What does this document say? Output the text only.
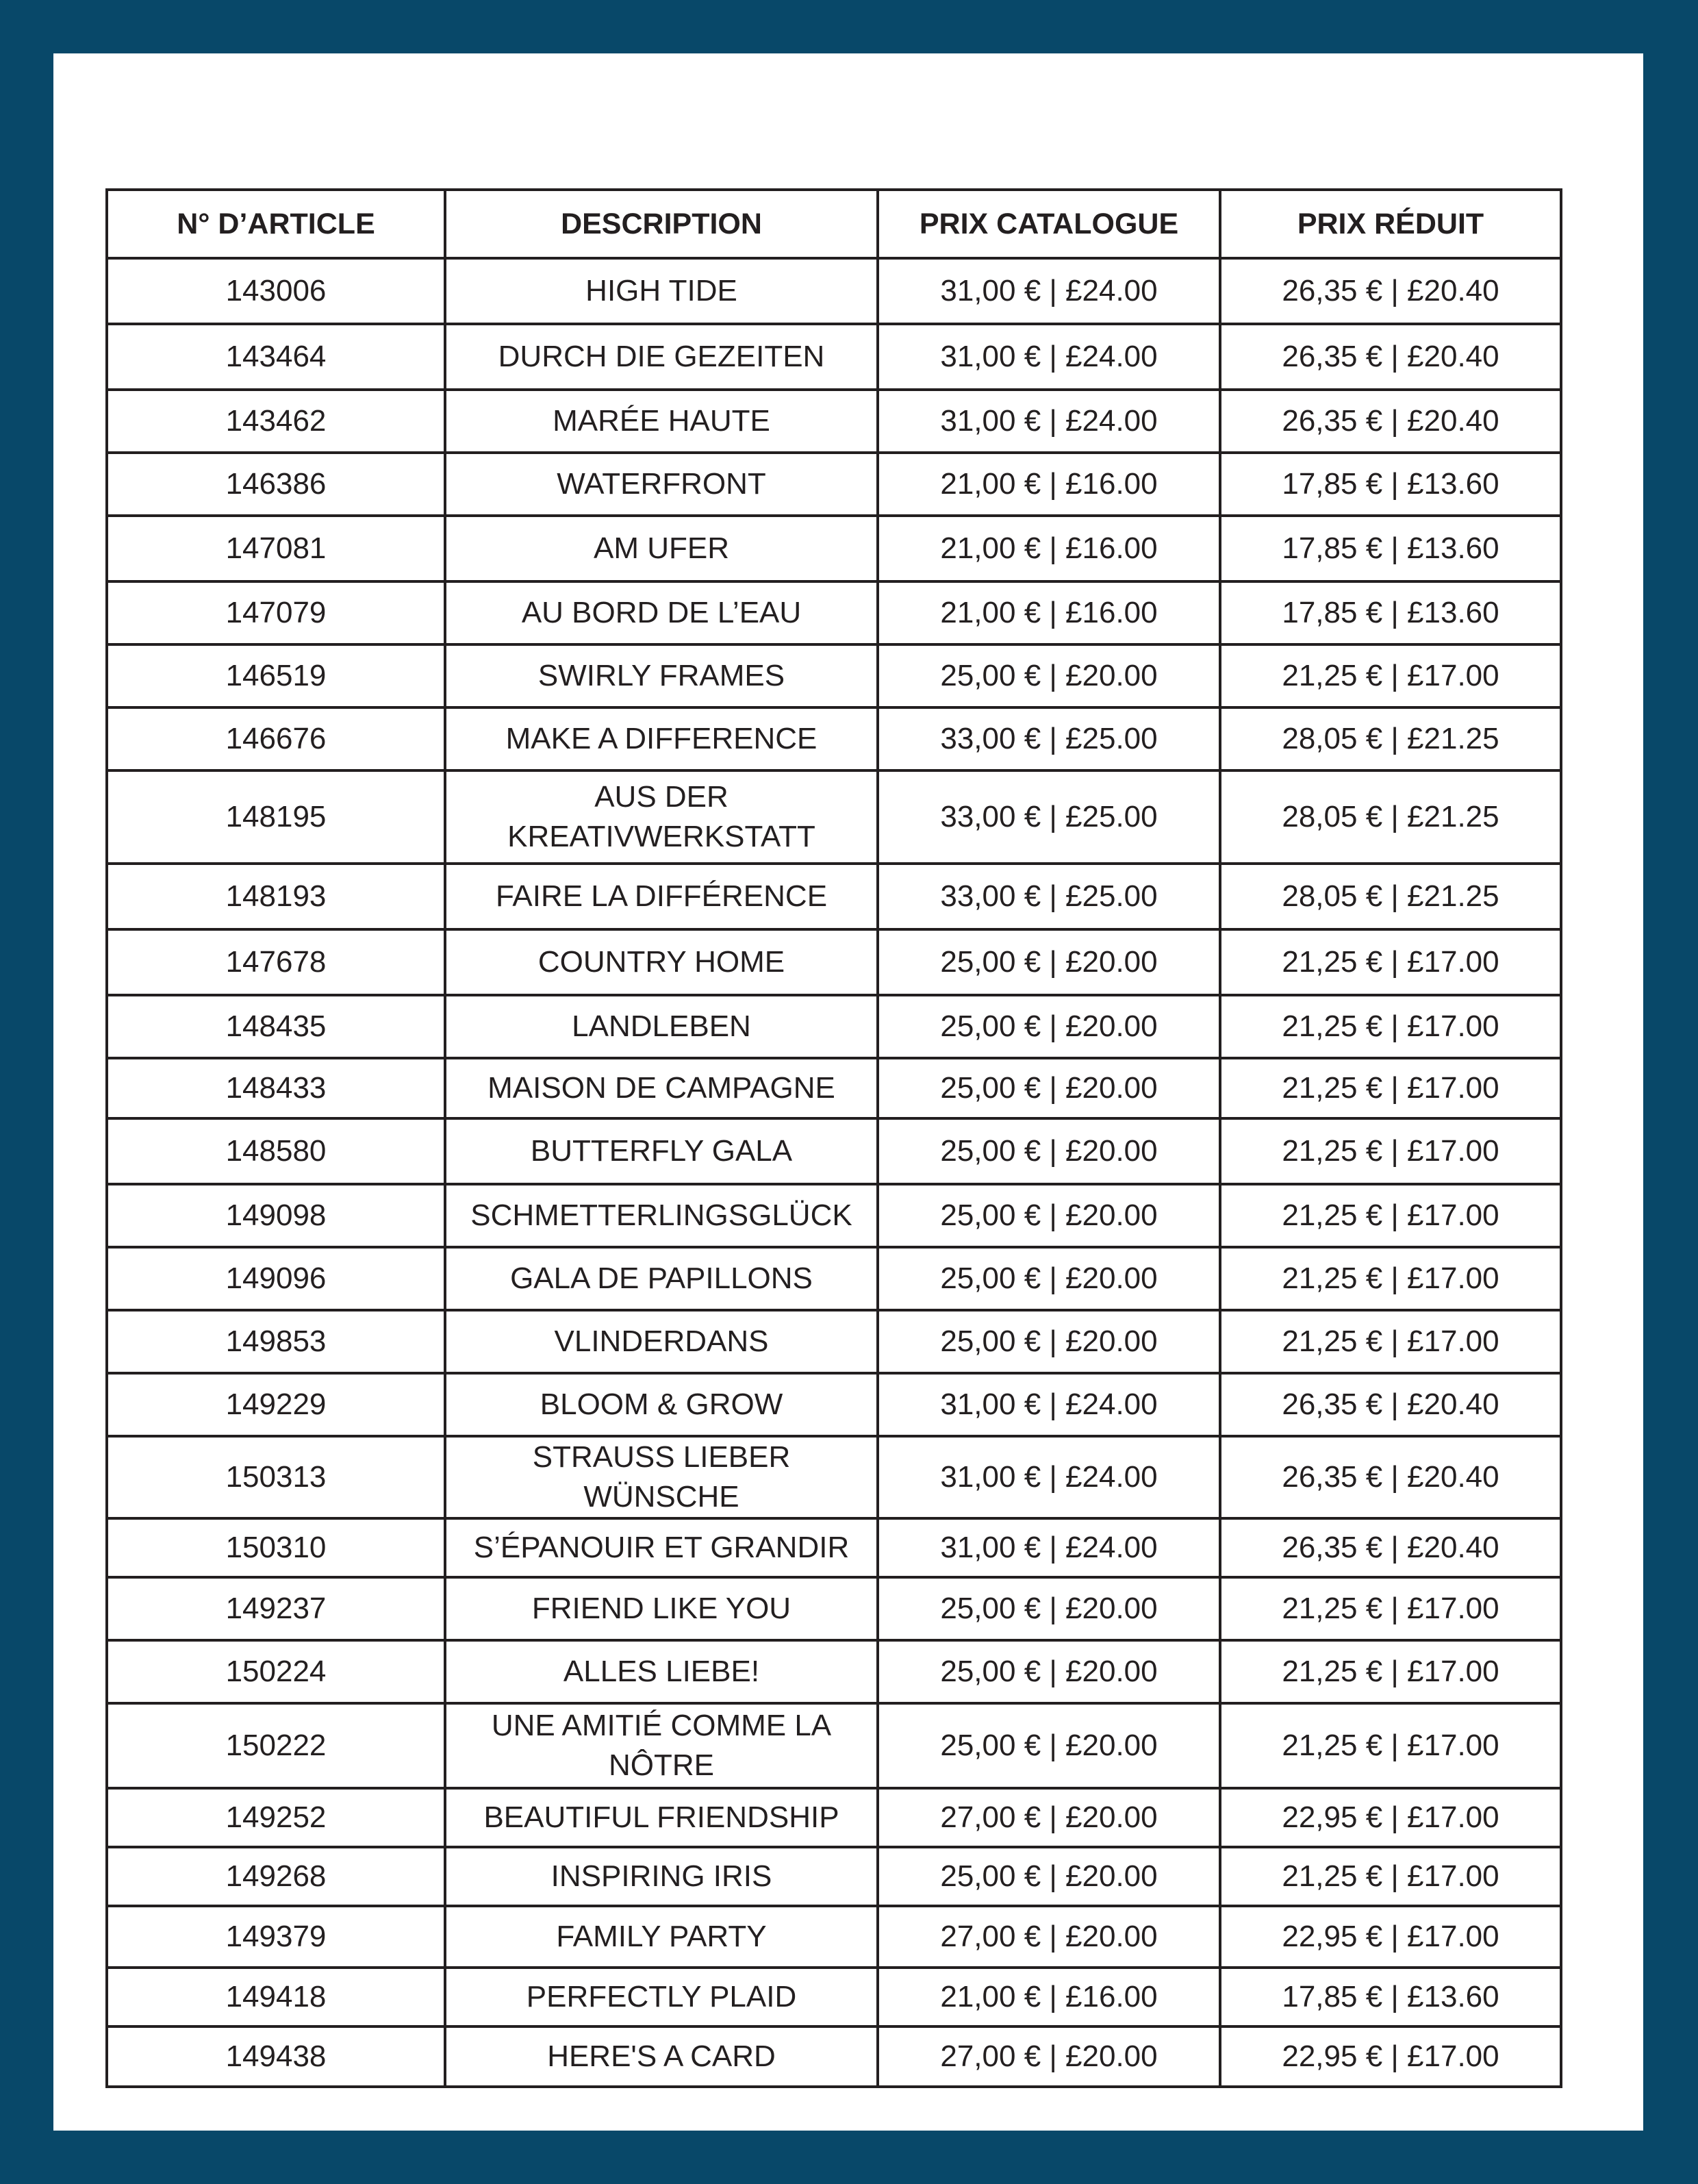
N° D’ARTICLE	DESCRIPTION	PRIX CATALOGUE	PRIX RÉDUIT
143006	HIGH TIDE	31,00 € | £24.00	26,35 € | £20.40
143464	DURCH DIE GEZEITEN	31,00 € | £24.00	26,35 € | £20.40
143462	MARÉE HAUTE	31,00 € | £24.00	26,35 € | £20.40
146386	WATERFRONT	21,00 € | £16.00	17,85 € | £13.60
147081	AM UFER	21,00 € | £16.00	17,85 € | £13.60
147079	AU BORD DE L’EAU	21,00 € | £16.00	17,85 € | £13.60
146519	SWIRLY FRAMES	25,00 € | £20.00	21,25 € | £17.00
146676	MAKE A DIFFERENCE	33,00 € | £25.00	28,05 € | £21.25
148195	AUS DER KREATIVWERKSTATT	33,00 € | £25.00	28,05 € | £21.25
148193	FAIRE LA DIFFÉRENCE	33,00 € | £25.00	28,05 € | £21.25
147678	COUNTRY HOME	25,00 € | £20.00	21,25 € | £17.00
148435	LANDLEBEN	25,00 € | £20.00	21,25 € | £17.00
148433	MAISON DE CAMPAGNE	25,00 € | £20.00	21,25 € | £17.00
148580	BUTTERFLY GALA	25,00 € | £20.00	21,25 € | £17.00
149098	SCHMETTERLINGSGLÜCK	25,00 € | £20.00	21,25 € | £17.00
149096	GALA DE PAPILLONS	25,00 € | £20.00	21,25 € | £17.00
149853	VLINDERDANS	25,00 € | £20.00	21,25 € | £17.00
149229	BLOOM & GROW	31,00 € | £24.00	26,35 € | £20.40
150313	STRAUSS LIEBER WÜNSCHE	31,00 € | £24.00	26,35 € | £20.40
150310	S’ÉPANOUIR ET GRANDIR	31,00 € | £24.00	26,35 € | £20.40
149237	FRIEND LIKE YOU	25,00 € | £20.00	21,25 € | £17.00
150224	ALLES LIEBE!	25,00 € | £20.00	21,25 € | £17.00
150222	UNE AMITIÉ COMME LA NÔTRE	25,00 € | £20.00	21,25 € | £17.00
149252	BEAUTIFUL FRIENDSHIP	27,00 € | £20.00	22,95 € | £17.00
149268	INSPIRING IRIS	25,00 € | £20.00	21,25 € | £17.00
149379	FAMILY PARTY	27,00 € | £20.00	22,95 € | £17.00
149418	PERFECTLY PLAID	21,00 € | £16.00	17,85 € | £13.60
149438	HERE'S A CARD	27,00 € | £20.00	22,95 € | £17.00
